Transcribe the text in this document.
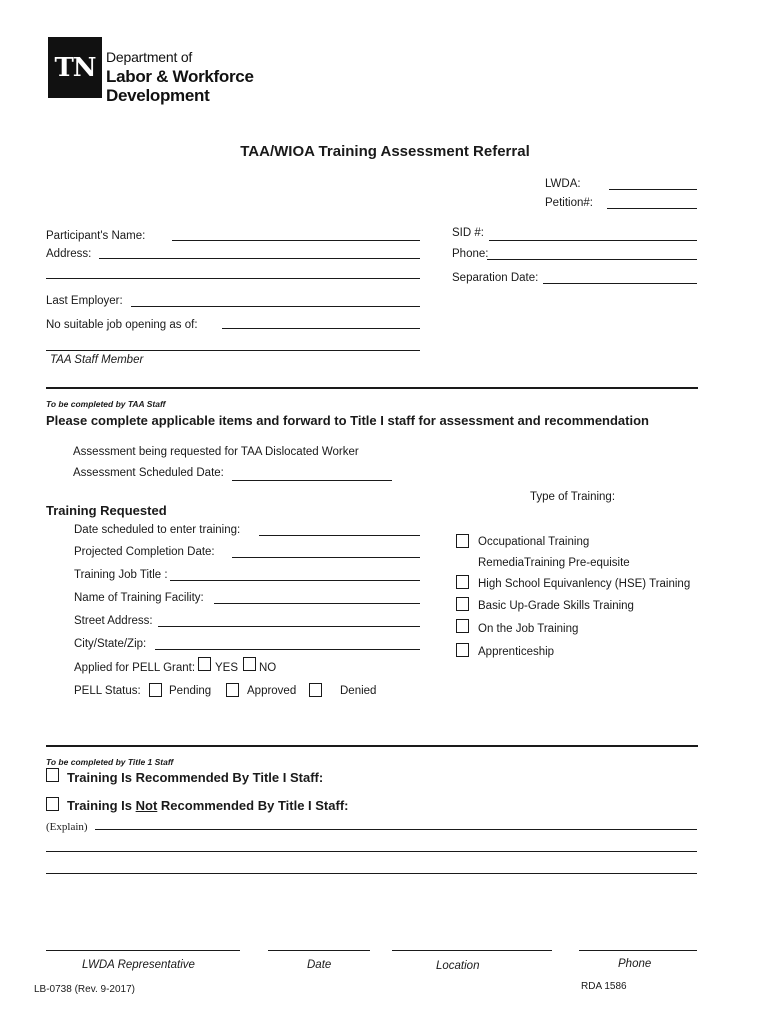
TN Department of
Labor & Workforce
Development
TAA/WIOA Training Assessment Referral
LWDA:
Petition#:
SID #:
Phone:
Separation Date:
Participant's Name:
Address:
Last Employer:
No suitable job opening as of:
TAA Staff Member
To be completed by TAA Staff
Please complete applicable items and forward to Title I staff for assessment and recommendation
Assessment being requested for TAA Dislocated Worker
Assessment Scheduled Date:
Training Requested
Type of Training:
Date scheduled to enter training:
Projected Completion Date:
Training Job Title :
Name of Training Facility:
Street Address:
City/State/Zip:
Applied for PELL Grant: YES NO
PELL Status: Pending	Approved	Denied
Occupational Training
RemediaTraining Pre-equisite
High School Equivanlency (HSE) Training
Basic Up-Grade Skills Training
On the Job Training
Apprenticeship
To be completed by Title 1 Staff
Training Is Recommended By Title I Staff:
Training Is Not Recommended By Title I Staff:
(Explain)
LWDA Representative	Date	Location	Phone
LB-0738 (Rev. 9-2017)	RDA 1586
